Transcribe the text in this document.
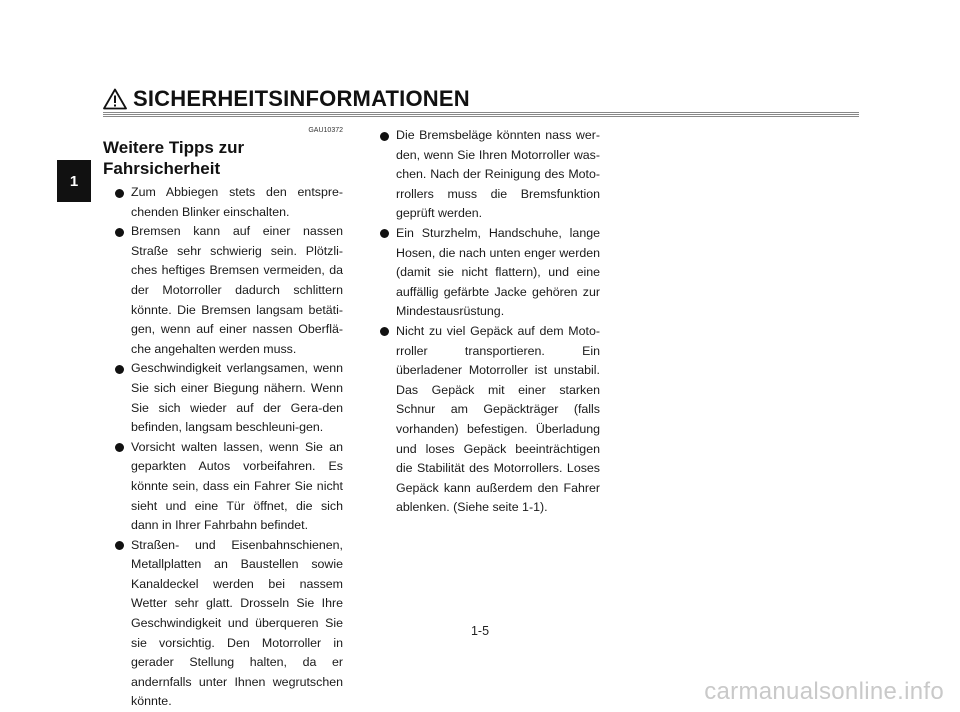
SICHERHEITSINFORMATIONEN
1
GAU10372
Weitere Tipps zur
Fahrsicherheit
Zum Abbiegen stets den entspre-chenden Blinker einschalten.
Bremsen kann auf einer nassen Straße sehr schwierig sein. Plötzli-ches heftiges Bremsen vermeiden, da der Motorroller dadurch schlittern könnte. Die Bremsen langsam betäti-gen, wenn auf einer nassen Oberflä-che angehalten werden muss.
Geschwindigkeit verlangsamen, wenn Sie sich einer Biegung nähern. Wenn Sie sich wieder auf der Gera-den befinden, langsam beschleuni-gen.
Vorsicht walten lassen, wenn Sie an geparkten Autos vorbeifahren. Es könnte sein, dass ein Fahrer Sie nicht sieht und eine Tür öffnet, die sich dann in Ihrer Fahrbahn befindet.
Straßen- und Eisenbahnschienen, Metallplatten an Baustellen sowie Kanaldeckel werden bei nassem Wetter sehr glatt. Drosseln Sie Ihre Geschwindigkeit und überqueren Sie sie vorsichtig. Den Motorroller in gerader Stellung halten, da er andernfalls unter Ihnen wegrutschen könnte.
Die Bremsbeläge könnten nass wer-den, wenn Sie Ihren Motorroller was-chen. Nach der Reinigung des Moto-rrollers muss die Bremsfunktion geprüft werden.
Ein Sturzhelm, Handschuhe, lange Hosen, die nach unten enger werden (damit sie nicht flattern), und eine auffällig gefärbte Jacke gehören zur Mindestausrüstung.
Nicht zu viel Gepäck auf dem Moto-rroller transportieren. Ein überladener Motorroller ist unstabil. Das Gepäck mit einer starken Schnur am Gepäckträger (falls vorhanden) befestigen. Überladung und loses Gepäck beeinträchtigen die Stabilität des Motorrollers. Loses Gepäck kann außerdem den Fahrer ablenken. (Siehe seite 1-1).
1-5
carmanualsonline.info
